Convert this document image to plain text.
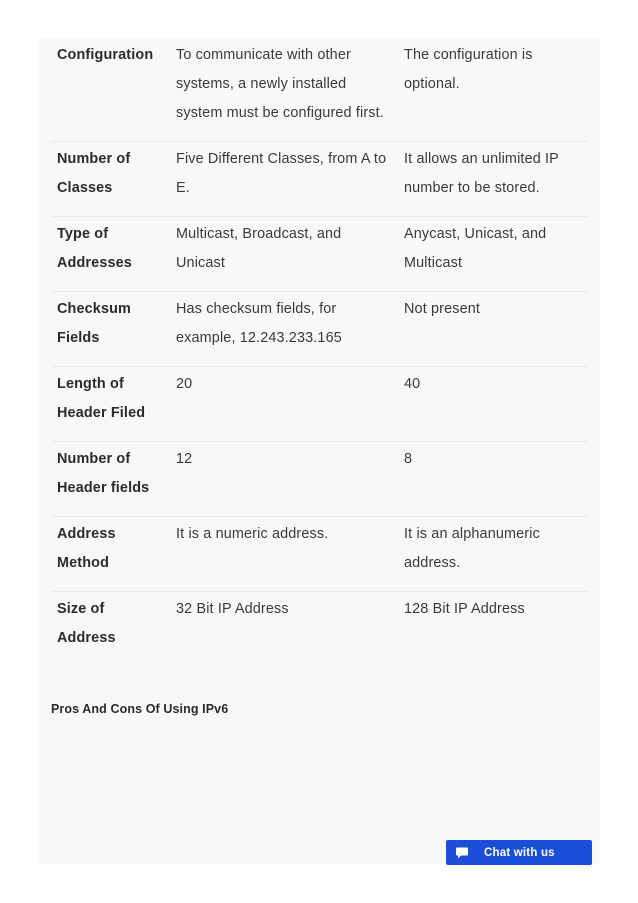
Configuration	To communicate with other systems, a newly installed system must be configured first.	The configuration is optional.
Number of Classes	Five Different Classes, from A to E.	It allows an unlimited IP number to be stored.
Type of Addresses	Multicast, Broadcast, and Unicast	Anycast, Unicast, and Multicast
Checksum Fields	Has checksum fields, for example, 12.243.233.165	Not present
Length of Header Filed	20	40
Number of Header fields	12	8
Address Method	It is a numeric address.	It is an alphanumeric address.
Size of Address	32 Bit IP Address	128 Bit IP Address
Pros And Cons Of Using IPv6
Chat with us
